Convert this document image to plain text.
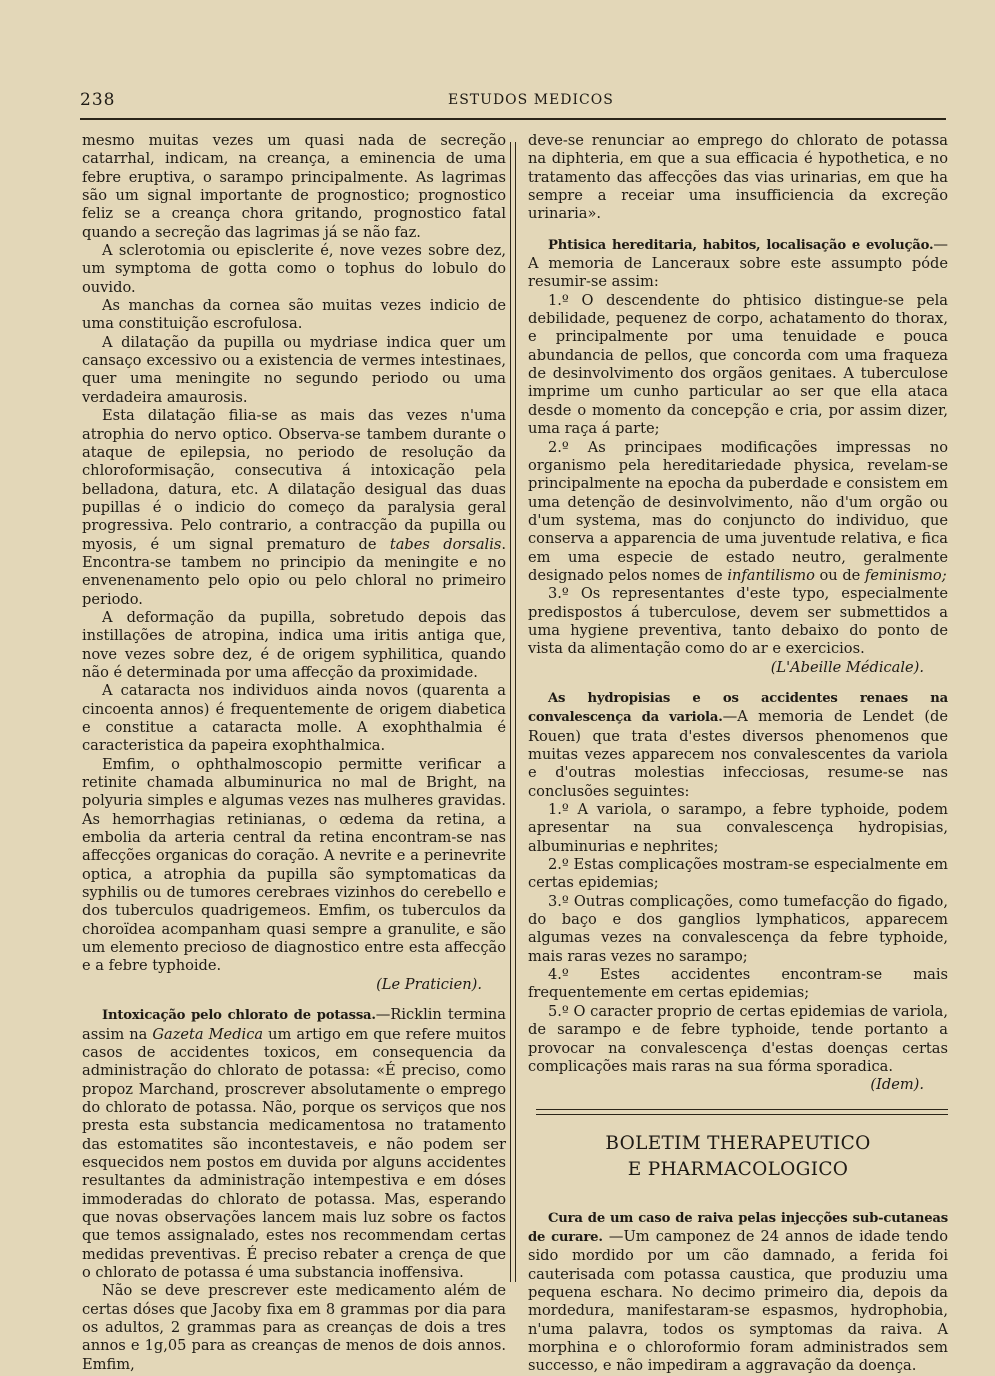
238	ESTUDOS MEDICOS

mesmo muitas vezes um quasi nada de secreção catarrhal, indicam, na creança, a eminencia de uma febre eruptiva, o sarampo principalmente. As lagrimas são um signal importante de prognostico; prognostico feliz se a creança chora gritando, prognostico fatal quando a secreção das lagrimas já se não faz.

A sclerotomia ou episclerite é, nove vezes sobre dez, um symptoma de gotta como o tophus do lobulo do ouvido.

As manchas da cornea são muitas vezes indicio de uma constituição escrofulosa.

A dilatação da pupilla ou mydriase indica quer um cansaço excessivo ou a existencia de vermes intestinaes, quer uma meningite no segundo periodo ou uma verdadeira amaurosis.

Esta dilatação filia-se as mais das vezes n'uma atrophia do nervo optico. Observa-se tambem durante o ataque de epilepsia, no periodo de resolução da chloroformisação, consecutiva á intoxicação pela belladona, datura, etc. A dilatação desigual das duas pupillas é o indicio do começo da paralysia geral progressiva. Pelo contrario, a contracção da pupilla ou myosis, é um signal prematuro de tabes dorsalis. Encontra-se tambem no principio da meningite e no envenenamento pelo opio ou pelo chloral no primeiro periodo.

A deformação da pupilla, sobretudo depois das instillações de atropina, indica uma iritis antiga que, nove vezes sobre dez, é de origem syphilitica, quando não é determinada por uma affecção da proximidade.

A cataracta nos individuos ainda novos (quarenta a cincoenta annos) é frequentemente de origem diabetica e constitue a cataracta molle. A exophthalmia é caracteristica da papeira exophthalmica.

Emfim, o ophthalmoscopio permitte verificar a retinite chamada albuminurica no mal de Bright, na polyuria simples e algumas vezes nas mulheres gravidas. As hemorrhagias retinianas, o œdema da retina, a embolia da arteria central da retina encontram-se nas affecções organicas do coração. A nevrite e a perinevrite optica, a atrophia da pupilla são symptomaticas da syphilis ou de tumores cerebraes vizinhos do cerebello e dos tuberculos quadrigemeos. Emfim, os tuberculos da choroïdea acompanham quasi sempre a granulite, e são um elemento precioso de diagnostico entre esta affecção e a febre typhoide.

(Le Praticien).

Intoxicação pelo chlorato de potassa.—Ricklin termina assim na Gazeta Medica um artigo em que refere muitos casos de accidentes toxicos, em consequencia da administração do chlorato de potassa: «É preciso, como propoz Marchand, proscrever absolutamente o emprego do chlorato de potassa. Não, porque os serviços que nos presta esta substancia medicamentosa no tratamento das estomatites são incontestaveis, e não podem ser esquecidos nem postos em duvida por alguns accidentes resultantes da administração intempestiva e em dóses immoderadas do chlorato de potassa. Mas, esperando que novas observações lancem mais luz sobre os factos que temos assignalado, estes nos recommendam certas medidas preventivas. É preciso rebater a crença de que o chlorato de potassa é uma substancia inoffensiva.

Não se deve prescrever este medicamento além de certas dóses que Jacoby fixa em 8 grammas por dia para os adultos, 2 grammas para as creanças de dois a tres annos e 1g,05 para as creanças de menos de dois annos. Emfim,

deve-se renunciar ao emprego do chlorato de potassa na diphteria, em que a sua efficacia é hypothetica, e no tratamento das affecções das vias urinarias, em que ha sempre a receiar uma insufficiencia da excreção urinaria».

Phtisica hereditaria, habitos, localisação e evolução.—A memoria de Lanceraux sobre este assumpto póde resumir-se assim:

1.º O descendente do phtisico distingue-se pela debilidade, pequenez de corpo, achatamento do thorax, e principalmente por uma tenuidade e pouca abundancia de pellos, que concorda com uma fraqueza de desinvolvimento dos orgãos genitaes. A tuberculose imprime um cunho particular ao ser que ella ataca desde o momento da concepção e cria, por assim dizer, uma raça á parte;

2.º As principaes modificações impressas no organismo pela hereditariedade physica, revelam-se principalmente na epocha da puberdade e consistem em uma detenção de desinvolvimento, não d'um orgão ou d'um systema, mas do conjuncto do individuo, que conserva a apparencia de uma juventude relativa, e fica em uma especie de estado neutro, geralmente designado pelos nomes de infantilismo ou de feminismo;

3.º Os representantes d'este typo, especialmente predispostos á tuberculose, devem ser submettidos a uma hygiene preventiva, tanto debaixo do ponto de vista da alimentação como do ar e exercicios.

(L'Abeille Médicale).

As hydropisias e os accidentes renaes na convalescença da variola.—A memoria de Lendet (de Rouen) que trata d'estes diversos phenomenos que muitas vezes apparecem nos convalescentes da variola e d'outras molestias infecciosas, resume-se nas conclusões seguintes:

1.º A variola, o sarampo, a febre typhoide, podem apresentar na sua convalescença hydropisias, albuminurias e nephrites;

2.º Estas complicações mostram-se especialmente em certas epidemias;

3.º Outras complicações, como tumefacção do figado, do baço e dos ganglios lymphaticos, apparecem algumas vezes na convalescença da febre typhoide, mais raras vezes no sarampo;

4.º Estes accidentes encontram-se mais frequentemente em certas epidemias;

5.º O caracter proprio de certas epidemias de variola, de sarampo e de febre typhoide, tende portanto a provocar na convalescença d'estas doenças certas complicações mais raras na sua fórma sporadica.

(Idem).

BOLETIM THERAPEUTICO
E PHARMACOLOGICO

Cura de um caso de raiva pelas injecções sub-cutaneas de curare. —Um camponez de 24 annos de idade tendo sido mordido por um cão damnado, a ferida foi cauterisada com potassa caustica, que produziu uma pequena eschara. No decimo primeiro dia, depois da mordedura, manifestaram-se espasmos, hydrophobia, n'uma palavra, todos os symptomas da raiva. A morphina e o chloroformio foram administrados sem successo, e não impediram a aggravação da doença.
